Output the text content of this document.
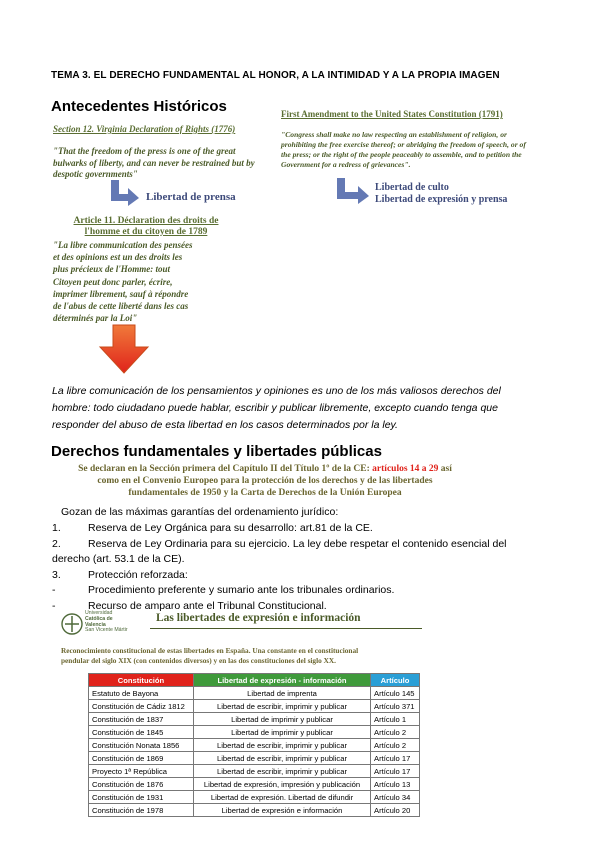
TEMA 3. EL DERECHO FUNDAMENTAL AL HONOR, A LA INTIMIDAD Y A LA PROPIA IMAGEN
Antecedentes Históricos
Section 12. Virginia Declaration of Rights (1776)
"That the freedom of the press is one of the great
bulwarks of liberty, and can never be restrained but by
despotic governments"
Libertad de prensa
First Amendment to the United States Constitution (1791)
"Congress shall make no law respecting an establishment of religion, or
prohibiting the free exercise thereof; or abridging the freedom of speech, or of
the press; or the right of the people peaceably to assemble, and to petition the
Government for a redress of grievances".
Libertad de culto
Libertad de expresión y prensa
Article 11. Déclaration des droits de
l'homme et du citoyen de 1789
"La libre communication des pensées
et des opinions est un des droits les
plus précieux de l'Homme: tout
Citoyen peut donc parler, écrire,
imprimer librement, sauf à répondre
de l'abus de cette liberté dans les cas
déterminés par la Loi"
La libre comunicación de los pensamientos y opiniones es uno de los más valiosos derechos del
hombre: todo ciudadano puede hablar, escribir y publicar libremente, excepto cuando tenga que
responder del abuso de esta libertad en los casos determinados por la ley.
Derechos fundamentales y libertades públicas
Se declaran en la Sección primera del Capítulo II del Título 1º de la CE: artículos 14 a 29 así
como en el Convenio Europeo para la protección de los derechos y de las libertades
fundamentales de 1950 y la Carta de Derechos de la Unión Europea
Gozan de las máximas garantías del ordenamiento jurídico:
1.	Reserva de Ley Orgánica para su desarrollo: art.81 de la CE.
2.	Reserva de Ley Ordinaria para su ejercicio. La ley debe respetar el contenido esencial del
derecho (art. 53.1 de la CE).
3.	Protección reforzada:
-	Procedimiento preferente y sumario ante los tribunales ordinarios.
-	Recurso de amparo ante el Tribunal Constitucional.
Universidad
Católica de
Valencia
San Vicente Mártir
Las libertades de expresión e información
Reconocimiento constitucional de estas libertades en España. Una constante en el constitucional
pendular del siglo XIX (con contenidos diversos) y en las dos constituciones del siglo XX.
Constitución	Libertad de expresión - información	Artículo
Estatuto de Bayona	Libertad de imprenta	Artículo 145
Constitución de Cádiz 1812	Libertad de escribir, imprimir y publicar	Artículo 371
Constitución de 1837	Libertad de imprimir y publicar	Artículo 1
Constitución de 1845	Libertad de imprimir y publicar	Artículo 2
Constitución Nonata 1856	Libertad de escribir, imprimir y publicar	Artículo 2
Constitución de 1869	Libertad de escribir, imprimir y publicar	Artículo 17
Proyecto 1ª República	Libertad de escribir, imprimir y publicar	Artículo 17
Constitución de 1876	Libertad de expresión, impresión y publicación	Artículo 13
Constitución de 1931	Libertad de expresión. Libertad de difundir	Artículo 34
Constitución de 1978	Libertad de expresión e información	Artículo 20
